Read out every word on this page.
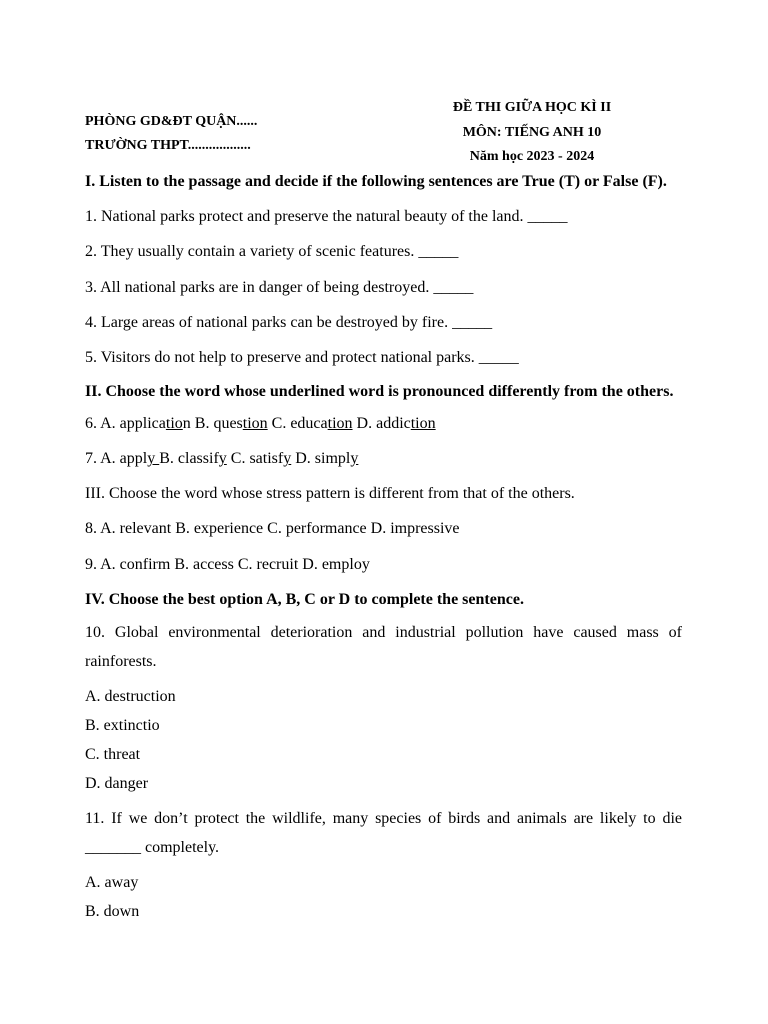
PHÒNG GD&ĐT QUẬN......
TRƯỜNG THPT..................
ĐỀ THI GIỮA HỌC KÌ II
MÔN: TIẾNG ANH 10
Năm học 2023 - 2024

I. Listen to the passage and decide if the following sentences are True (T) or False (F).

1. National parks protect and preserve the natural beauty of the land. _____

2. They usually contain a variety of scenic features. _____

3. All national parks are in danger of being destroyed. _____

4. Large areas of national parks can be destroyed by fire. _____

5. Visitors do not help to preserve and protect national parks. _____

II. Choose the word whose underlined word is pronounced differently from the others.

6. A. application B. question C. education D. addiction

7. A. apply B. classify C. satisfy D. simply

III. Choose the word whose stress pattern is different from that of the others.

8. A. relevant B. experience C. performance D. impressive

9. A. confirm B. access C. recruit D. employ

IV. Choose the best option A, B, C or D to complete the sentence.

10. Global environmental deterioration and industrial pollution have caused mass of rainforests.

A. destruction

B. extinctio

C. threat

D. danger

11. If we don’t protect the wildlife, many species of birds and animals are likely to die _______ completely.

A. away

B. down
